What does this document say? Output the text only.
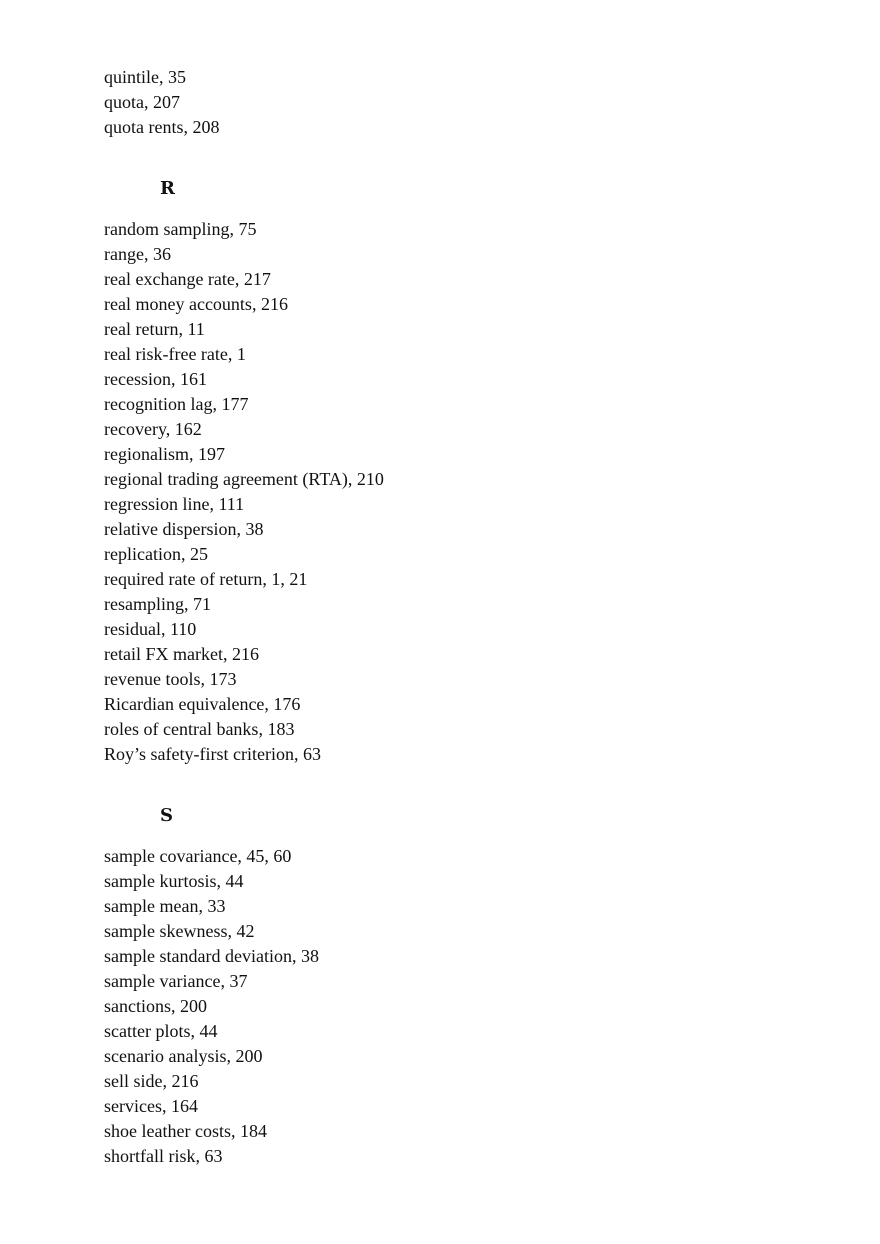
quintile, 35
quota, 207
quota rents, 208
R
random sampling, 75
range, 36
real exchange rate, 217
real money accounts, 216
real return, 11
real risk-free rate, 1
recession, 161
recognition lag, 177
recovery, 162
regionalism, 197
regional trading agreement (RTA), 210
regression line, 111
relative dispersion, 38
replication, 25
required rate of return, 1, 21
resampling, 71
residual, 110
retail FX market, 216
revenue tools, 173
Ricardian equivalence, 176
roles of central banks, 183
Roy’s safety-first criterion, 63
S
sample covariance, 45, 60
sample kurtosis, 44
sample mean, 33
sample skewness, 42
sample standard deviation, 38
sample variance, 37
sanctions, 200
scatter plots, 44
scenario analysis, 200
sell side, 216
services, 164
shoe leather costs, 184
shortfall risk, 63
